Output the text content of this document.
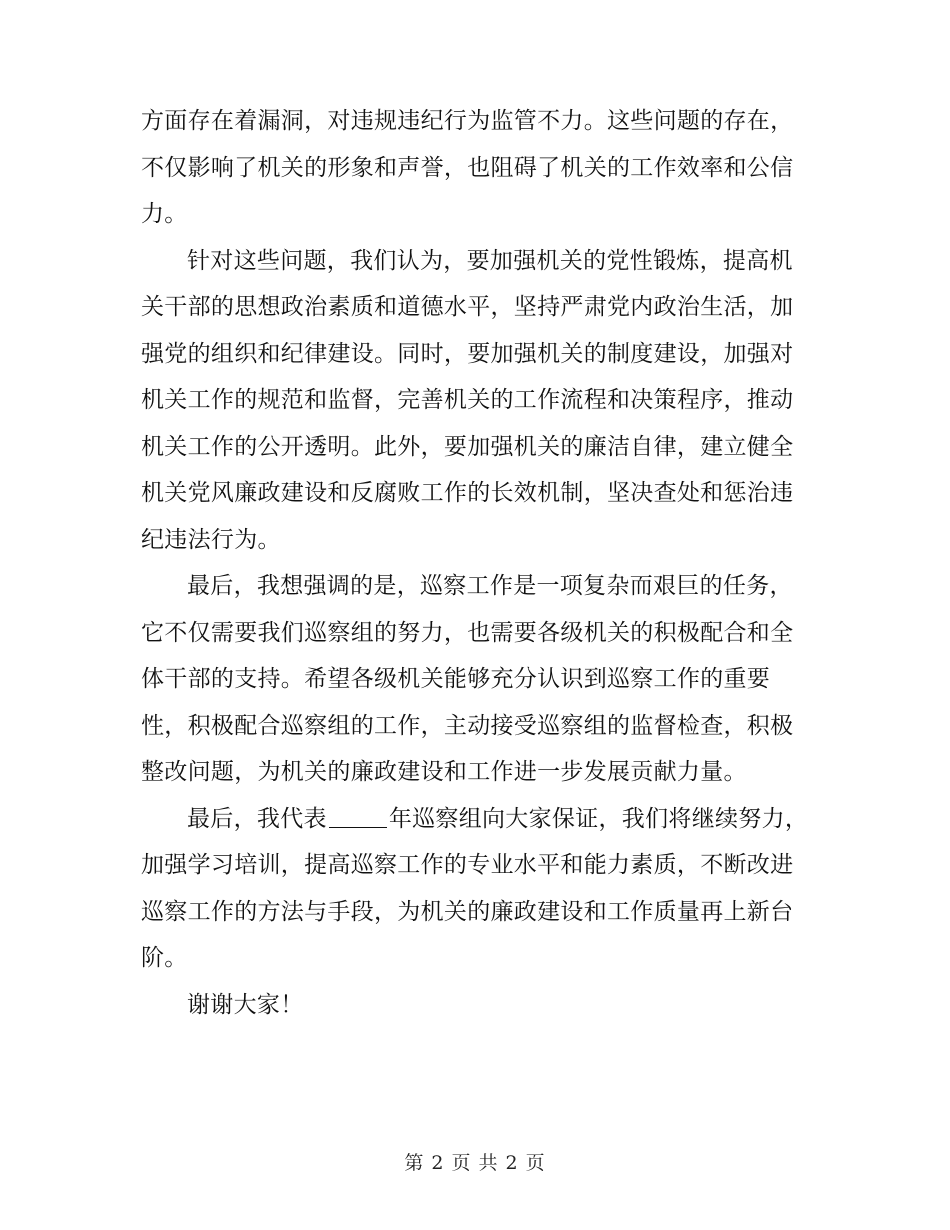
方面存在着漏洞，对违规违纪行为监管不力。这些问题的存在，
不仅影响了机关的形象和声誉，也阻碍了机关的工作效率和公信
力。
针对这些问题，我们认为，要加强机关的党性锻炼，提高机
关干部的思想政治素质和道德水平，坚持严肃党内政治生活，加
强党的组织和纪律建设。同时，要加强机关的制度建设，加强对
机关工作的规范和监督，完善机关的工作流程和决策程序，推动
机关工作的公开透明。此外，要加强机关的廉洁自律，建立健全
机关党风廉政建设和反腐败工作的长效机制，坚决查处和惩治违
纪违法行为。
最后，我想强调的是，巡察工作是一项复杂而艰巨的任务，
它不仅需要我们巡察组的努力，也需要各级机关的积极配合和全
体干部的支持。希望各级机关能够充分认识到巡察工作的重要
性，积极配合巡察组的工作，主动接受巡察组的监督检查，积极
整改问题，为机关的廉政建设和工作进一步发展贡献力量。
最后，我代表	年巡察组向大家保证，我们将继续努力，
加强学习培训，提高巡察工作的专业水平和能力素质，不断改进
巡察工作的方法与手段，为机关的廉政建设和工作质量再上新台
阶。
谢谢大家！
第 2 页 共 2 页
